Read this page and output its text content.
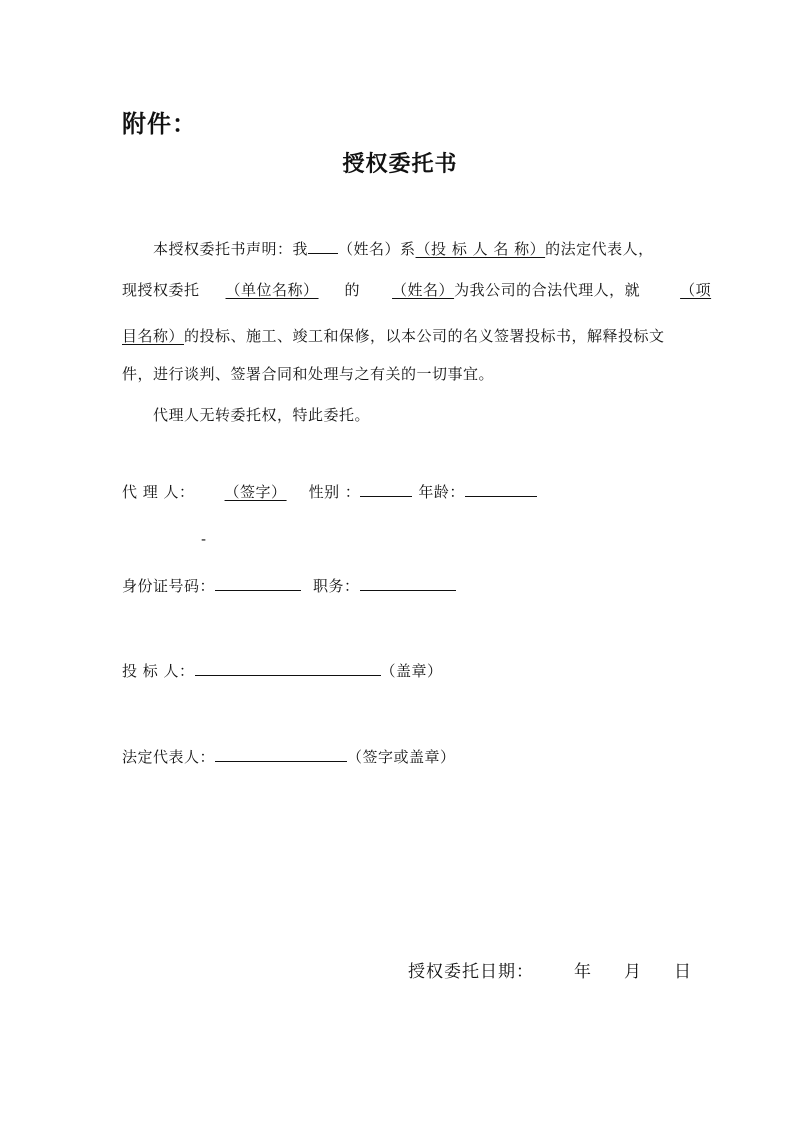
附件：
授权委托书
本授权委托书声明：我 （姓名）系（投 标 人 名 称）的法定代表人，
现授权委托 （单位名称） 的 （姓名）为我公司的合法代理人，就	（项
目名称）的投标、施工、竣工和保修，以本公司的名义签署投标书，解释投标文
件，进行谈判、签署合同和处理与之有关的一切事宜。
代理人无转委托权，特此委托。
代 理 人： （签字） 性别 ：	年龄：
-
身份证号码：	职务：
投 标 人：	（盖章）
法定代表人：	（签字或盖章）
授权委托日期： 年 月 日
